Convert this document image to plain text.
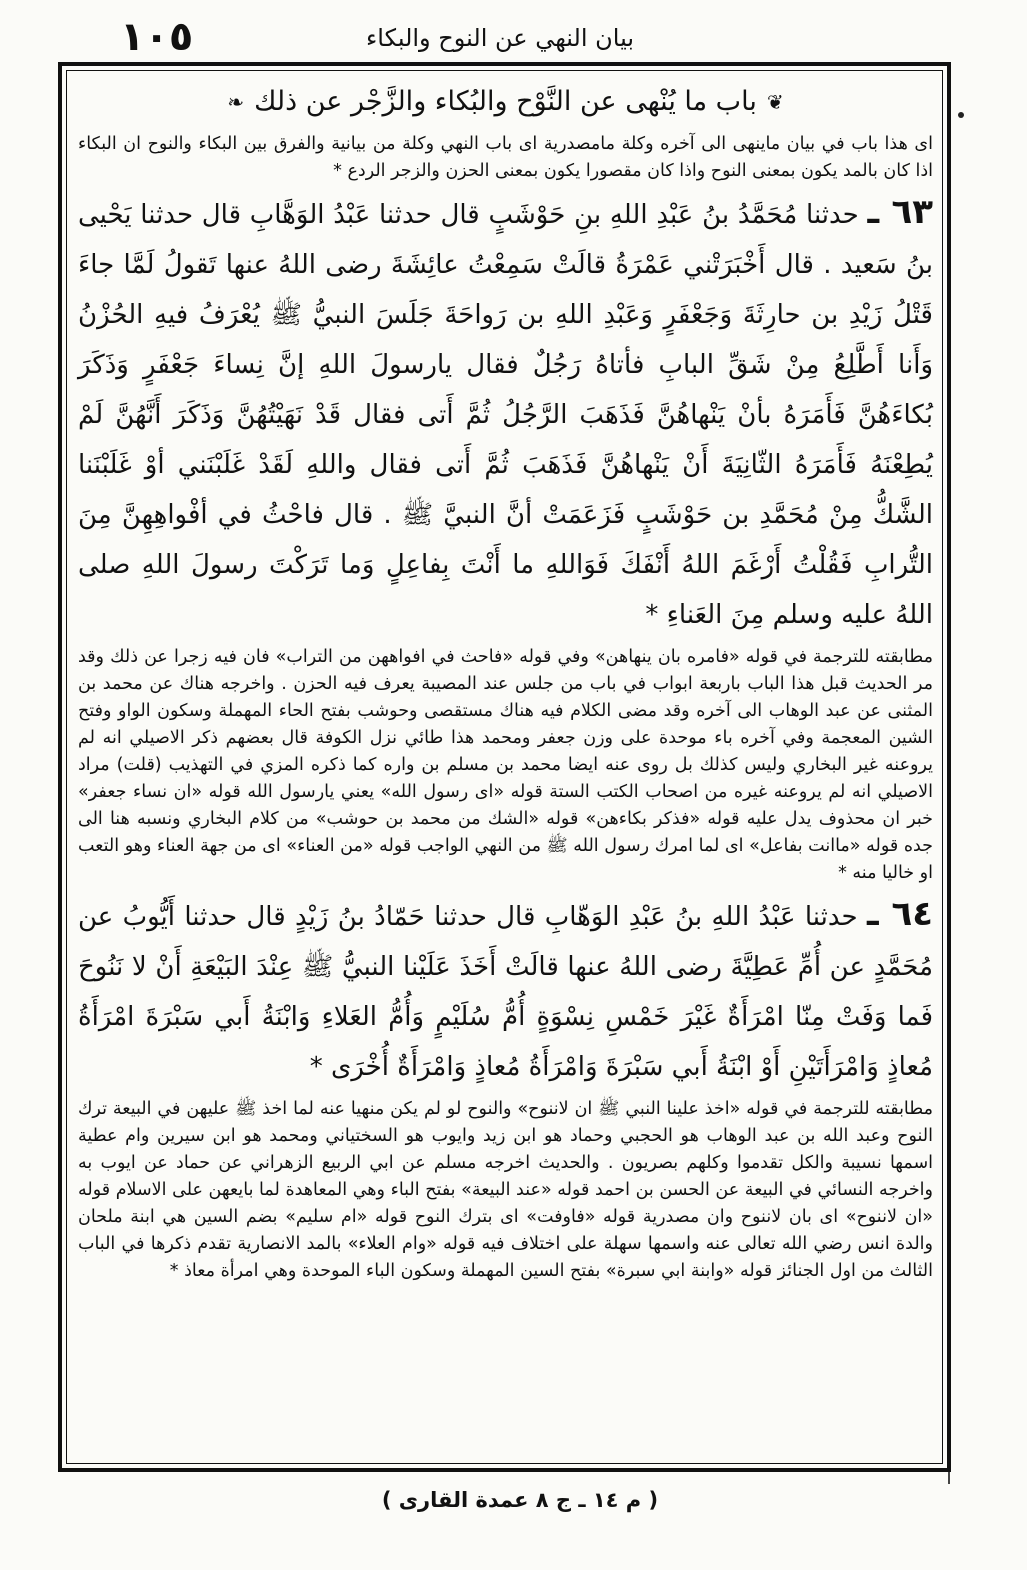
١٠٥	بيان النهي عن النوح والبكاء
❦
باب ما يُنْهى عن النَّوْح والبُكاء والزَّجْر عن ذلك
❧

اى هذا باب في بيان ماينهى الى آخره وكلة مامصدرية اى باب النهي وكلة من بيانية والفرق بين البكاء والنوح ان البكاء اذا كان بالمد يكون بمعنى النوح واذا كان مقصورا يكون بمعنى الحزن والزجر الردع *

٦٣ ـ حدثنا مُحَمَّدُ بنُ عَبْدِ اللهِ بنِ حَوْشَبٍ قال حدثنا عَبْدُ الوَهَّابِ قال حدثنا يَحْيى بنُ سَعيد . قال أَخْبَرَتْني عَمْرَةُ قالَتْ سَمِعْتُ عائِشَةَ رضى اللهُ عنها تَقولُ لَمَّا جاءَ قَتْلُ زَيْدِ بن حارِثَةَ وَجَعْفَرٍ وَعَبْدِ اللهِ بن رَواحَةَ جَلَسَ النبيُّ ﷺ يُعْرَفُ فيهِ الحُزْنُ وَأَنا أَطَّلِعُ مِنْ شَقِّ البابِ فأتاهُ رَجُلٌ فقال يارسولَ اللهِ إنَّ نِساءَ جَعْفَرٍ وَذَكَرَ بُكاءَهُنَّ فَأَمَرَهُ بأنْ يَنْهاهُنَّ فَذَهَبَ الرَّجُلُ ثُمَّ أَتى فقال قَدْ نَهَيْتُهُنَّ وَذَكَرَ أَنَّهُنَّ لَمْ يُطِعْنَهُ فَأَمَرَهُ الثّانِيَةَ أَنْ يَنْهاهُنَّ فَذَهَبَ ثُمَّ أَتى فقال واللهِ لَقَدْ غَلَبْنَني أوْ غَلَبْنَنا الشَّكُّ مِنْ مُحَمَّدِ بن حَوْشَبٍ فَزَعَمَتْ أنَّ النبيَّ ﷺ . قال فاحْثُ في أفْواهِهِنَّ مِنَ التُّرابِ فَقُلْتُ أَرْغَمَ اللهُ أَنْفَكَ فَوَاللهِ ما أَنْتَ بِفاعِلٍ وَما تَرَكْتَ رسولَ اللهِ صلى اللهُ عليه وسلم مِنَ العَناءِ *

مطابقته للترجمة في قوله «فامره بان ينهاهن» وفي قوله «فاحث في افواههن من التراب» فان فيه زجرا عن ذلك وقد مر الحديث قبل هذا الباب باربعة ابواب في باب من جلس عند المصيبة يعرف فيه الحزن . واخرجه هناك عن محمد بن المثنى عن عبد الوهاب الى آخره وقد مضى الكلام فيه هناك مستقصى وحوشب بفتح الحاء المهملة وسكون الواو وفتح الشين المعجمة وفي آخره باء موحدة على وزن جعفر ومحمد هذا طائي نزل الكوفة قال بعضهم ذكر الاصيلي انه لم يروعنه غير البخاري وليس كذلك بل روى عنه ايضا محمد بن مسلم بن واره كما ذكره المزي في التهذيب (قلت) مراد الاصيلي انه لم يروعنه غيره من اصحاب الكتب الستة قوله «اى رسول الله» يعني يارسول الله قوله «ان نساء جعفر» خبر ان محذوف يدل عليه قوله «فذكر بكاءهن» قوله «الشك من محمد بن حوشب» من كلام البخاري ونسبه هنا الى جده قوله «ماانت بفاعل» اى لما امرك رسول الله ﷺ من النهي الواجب قوله «من العناء» اى من جهة العناء وهو التعب او خاليا منه *

٦٤ ـ حدثنا عَبْدُ اللهِ بنُ عَبْدِ الوَهّابِ قال حدثنا حَمّادُ بنُ زَيْدٍ قال حدثنا أَيُّوبُ عن مُحَمَّدٍ عن أُمِّ عَطِيَّةَ رضى اللهُ عنها قالَتْ أَخَذَ عَلَيْنا النبيُّ ﷺ عِنْدَ البَيْعَةِ أَنْ لا نَنُوحَ فَما وَفَتْ مِنّا امْرَأَةٌ غَيْرَ خَمْسِ نِسْوَةٍ أُمُّ سُلَيْمٍ وَأُمُّ العَلاءِ وَابْنَةُ أَبي سَبْرَةَ امْرَأَةُ مُعاذٍ وَامْرَأَتَيْنِ أَوْ ابْنَةُ أَبي سَبْرَةَ وَامْرَأَةُ مُعاذٍ وَامْرَأَةٌ أُخْرَى *

مطابقته للترجمة في قوله «اخذ علينا النبي ﷺ ان لاننوح» والنوح لو لم يكن منهيا عنه لما اخذ ﷺ عليهن في البيعة ترك النوح وعبد الله بن عبد الوهاب هو الحجبي وحماد هو ابن زيد وايوب هو السختياني ومحمد هو ابن سيرين وام عطية اسمها نسيبة والكل تقدموا وكلهم بصريون . والحديث اخرجه مسلم عن ابي الربيع الزهراني عن حماد عن ايوب به واخرجه النسائي في البيعة عن الحسن بن احمد قوله «عند البيعة» بفتح الباء وهي المعاهدة لما بايعهن على الاسلام قوله «ان لاننوح» اى بان لاننوح وان مصدرية قوله «فاوفت» اى بترك النوح قوله «ام سليم» بضم السين هي ابنة ملحان والدة انس رضي الله تعالى عنه واسمها سهلة على اختلاف فيه قوله «وام العلاء» بالمد الانصارية تقدم ذكرها في الباب الثالث من اول الجنائز قوله «وابنة ابي سبرة» بفتح السين المهملة وسكون الباء الموحدة وهي امرأة معاذ *

( م ١٤ ـ ج ٨ عمدة القارى )
